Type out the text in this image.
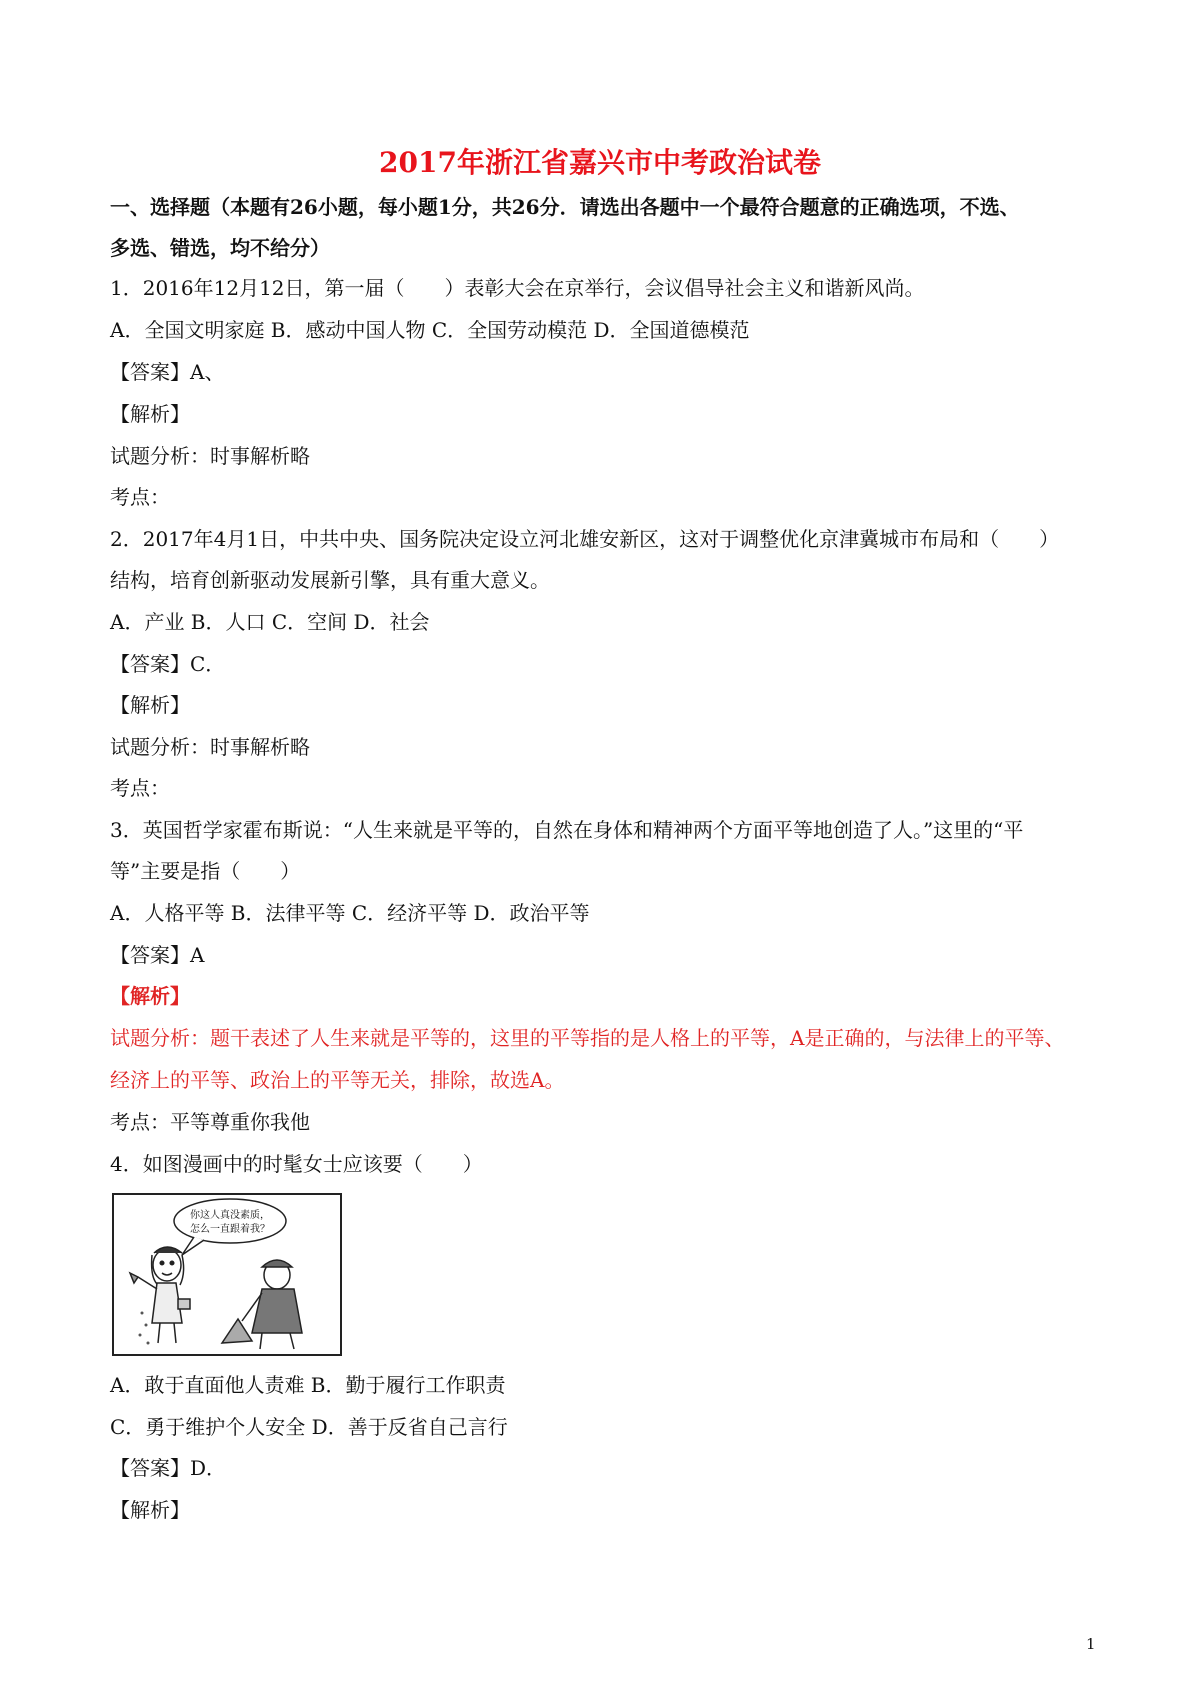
2017年浙江省嘉兴市中考政治试卷
一、选择题（本题有26小题，每小题1分，共26分．请选出各题中一个最符合题意的正确选项，不选、
多选、错选，均不给分）
1．2016年12月12日，第一届（　　）表彰大会在京举行，会议倡导社会主义和谐新风尚。
A．全国文明家庭 B．感动中国人物 C．全国劳动模范 D．全国道德模范
【答案】A、
【解析】
试题分析：时事解析略
考点：
2．2017年4月1日，中共中央、国务院决定设立河北雄安新区，这对于调整优化京津冀城市布局和（　　）
结构，培育创新驱动发展新引擎，具有重大意义。
A．产业 B．人口 C．空间 D．社会
【答案】C．
【解析】
试题分析：时事解析略
考点：
3．英国哲学家霍布斯说：“人生来就是平等的，自然在身体和精神两个方面平等地创造了人。”这里的“平
等”主要是指（　　）
A．人格平等 B．法律平等 C．经济平等 D．政治平等
【答案】A
【解析】
试题分析：题干表述了人生来就是平等的，这里的平等指的是人格上的平等，A是正确的，与法律上的平等、
经济上的平等、政治上的平等无关，排除，故选A。
考点：平等尊重你我他
4．如图漫画中的时髦女士应该要（　　）
你这人真没素质，
怎么一直跟着我？
A．敢于直面他人责难 B．勤于履行工作职责
C．勇于维护个人安全 D．善于反省自己言行
【答案】D．
【解析】
1
